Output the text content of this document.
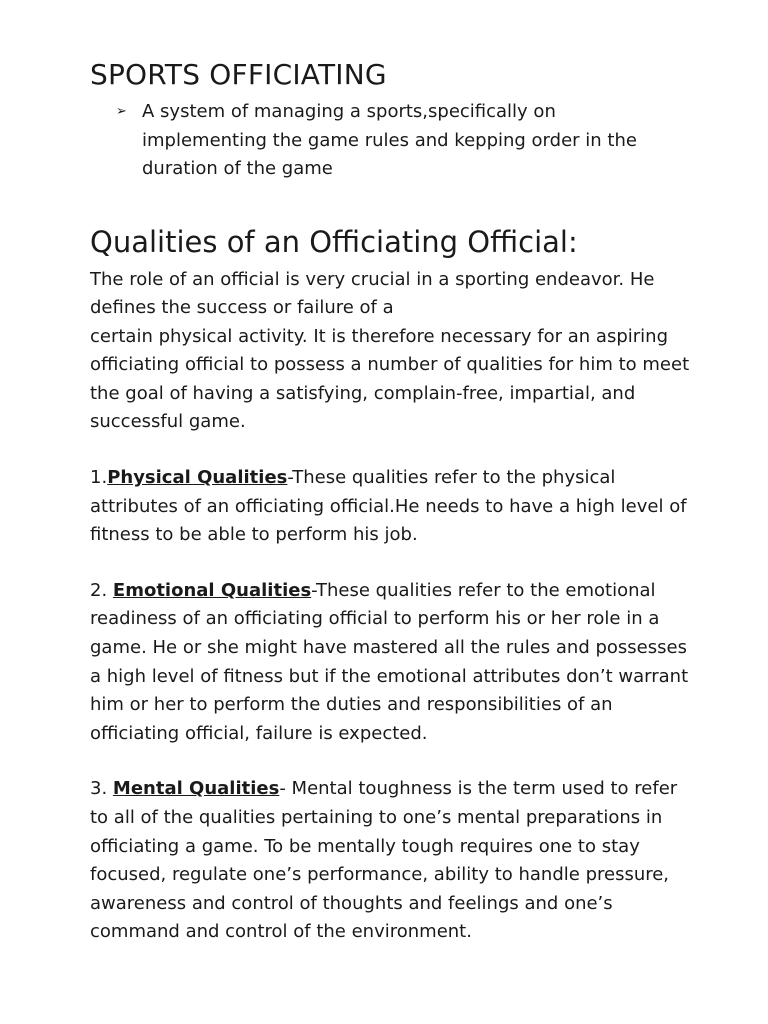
SPORTS OFFICIATING
➢ A system of managing a sports,specifically on implementing the game rules and kepping order in the duration of the game
Qualities of an Officiating Official:

The role of an official is very crucial in a sporting endeavor. He defines the success or failure of a
certain physical activity. It is therefore necessary for an aspiring officiating official to possess a number of qualities for him to meet the goal of having a satisfying, complain-free, impartial, and successful game.

1.Physical Qualities-These qualities refer to the physical attributes of an officiating official.He needs to have a high level of fitness to be able to perform his job.

2. Emotional Qualities-These qualities refer to the emotional readiness of an officiating official to perform his or her role in a game. He or she might have mastered all the rules and possesses a high level of fitness but if the emotional attributes don’t warrant him or her to perform the duties and responsibilities of an officiating official, failure is expected.

3. Mental Qualities- Mental toughness is the term used to refer to all of the qualities pertaining to one’s mental preparations in officiating a game. To be mentally tough requires one to stay focused, regulate one’s performance, ability to handle pressure, awareness and control of thoughts and feelings and one’s command and control of the environment.
